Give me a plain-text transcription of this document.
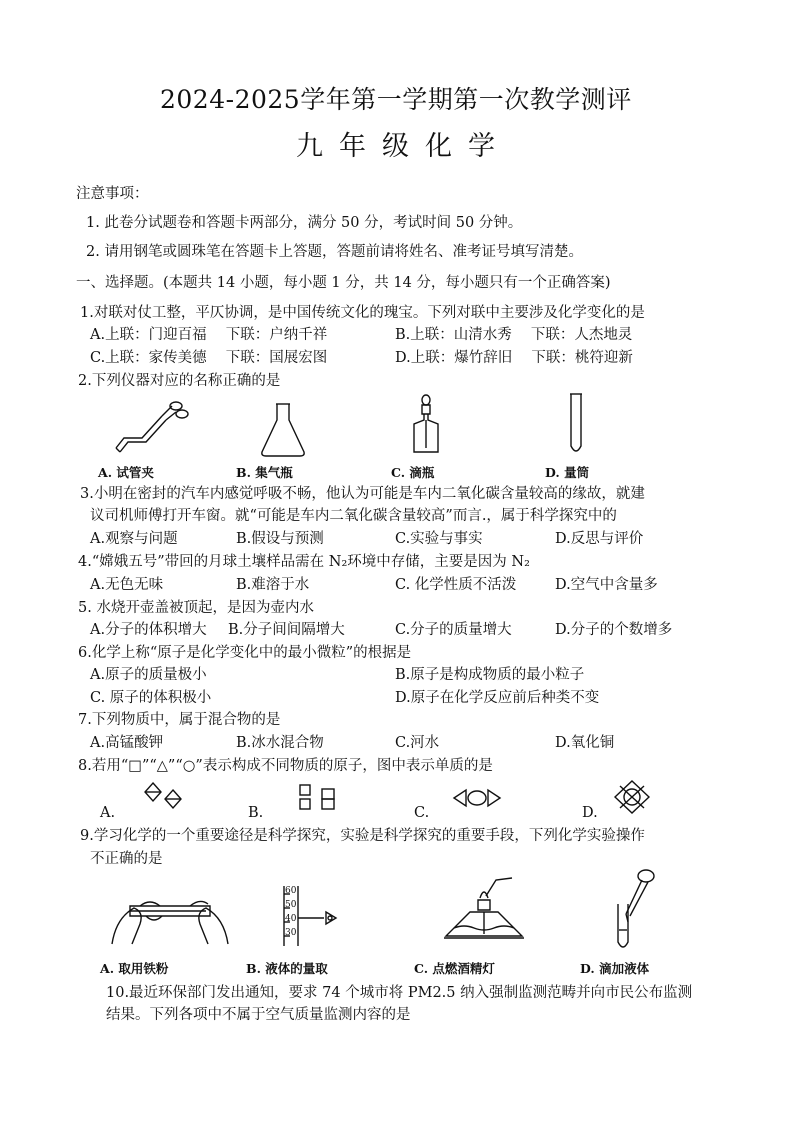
2024-2025学年第一学期第一次教学测评
九年级化学
注意事项：
1. 此卷分试题卷和答题卡两部分，满分 50 分，考试时间 50 分钟。
2. 请用钢笔或圆珠笔在答题卡上答题，答题前请将姓名、准考证号填写清楚。
一、选择题。(本题共 14 小题，每小题 1 分，共 14 分，每小题只有一个正确答案)
1.对联对仗工整，平仄协调，是中国传统文化的瑰宝。下列对联中主要涉及化学变化的是
A.上联：门迎百福　 下联：户纳千祥	B.上联：山清水秀　 下联：人杰地灵
C.上联：家传美德　 下联：国展宏图	D.上联：爆竹辞旧　 下联：桃符迎新
2.下列仪器对应的名称正确的是
A. 试管夹	B. 集气瓶	C. 滴瓶	D. 量筒
3.小明在密封的汽车内感觉呼吸不畅，他认为可能是车内二氧化碳含量较高的缘故，就建
议司机师傅打开车窗。就“可能是车内二氧化碳含量较高”而言.，属于科学探究中的
A.观察与问题	B.假设与预测	C.实验与事实	D.反思与评价
4.“嫦娥五号”带回的月球土壤样品需在 N₂环境中存储，主要是因为 N₂
A.无色无味	B.难溶于水	C. 化学性质不活泼	D.空气中含量多
5. 水烧开壶盖被顶起，是因为壶内水
A.分子的体积增大 B.分子间间隔增大	C.分子的质量增大	D.分子的个数增多
6.化学上称“原子是化学变化中的最小微粒”的根据是
A.原子的质量极小	B.原子是构成物质的最小粒子
C. 原子的体积极小	D.原子在化学反应前后种类不变
7.下列物质中，属于混合物的是
A.高锰酸钾	B.冰水混合物	C.河水	D.氧化铜
8.若用“□”“△”“○”表示构成不同物质的原子，图中表示单质的是
A.	B.	C.	D.
9.学习化学的一个重要途径是科学探究，实验是科学探究的重要手段，下列化学实验操作
不正确的是
60
50
40
30
A. 取用铁粉	B. 液体的量取	C. 点燃酒精灯	D. 滴加液体
10.最近环保部门发出通知，要求 74 个城市将 PM2.5 纳入强制监测范畴并向市民公布监测
结果。下列各项中不属于空气质量监测内容的是
